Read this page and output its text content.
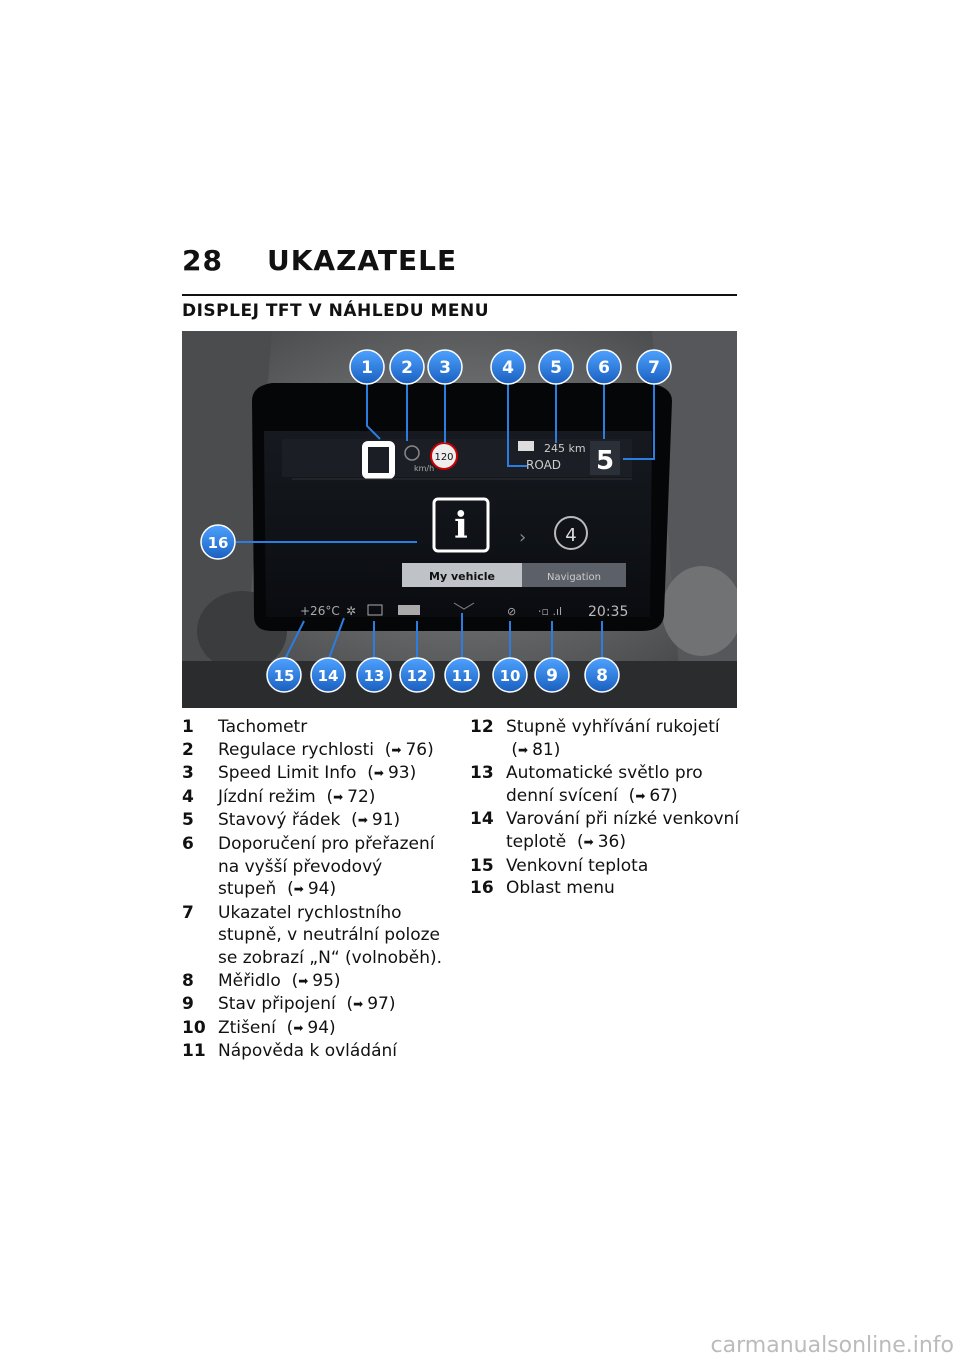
28 UKAZATELE
DISPLEJ TFT V NÁHLEDU MENU
km/h
120
245 km
ROAD 5
i	› 4
My vehicle	Navigation
+26°C ✲	⊘ ⋅▫ .ıl 20:35
1 2 3	4 5 6 7
8
9
10
11
12
13
14
15
16
1	Tachometr
2	Regulace rychlosti  (➡ 76)
3	Speed Limit Info  (➡ 93)
4	Jízdní režim  (➡ 72)
5	Stavový řádek  (➡ 91)
6	Doporučení pro přeřazení na vyšší převodový stupeň  (➡ 94)
7	Ukazatel rychlostního stupně, v neutrální poloze se zobrazí „N“ (volnoběh).
8	Měřidlo  (➡ 95)
9	Stav připojení  (➡ 97)
10 Ztišení  (➡ 94)
11 Nápověda k ovládání
12 Stupně vyhřívání rukojetí  (➡ 81)
13 Automatické světlo pro denní svícení  (➡ 67)
14 Varování při nízké venkovní teplotě  (➡ 36)
15 Venkovní teplota
16 Oblast menu
carmanualsonline.info
